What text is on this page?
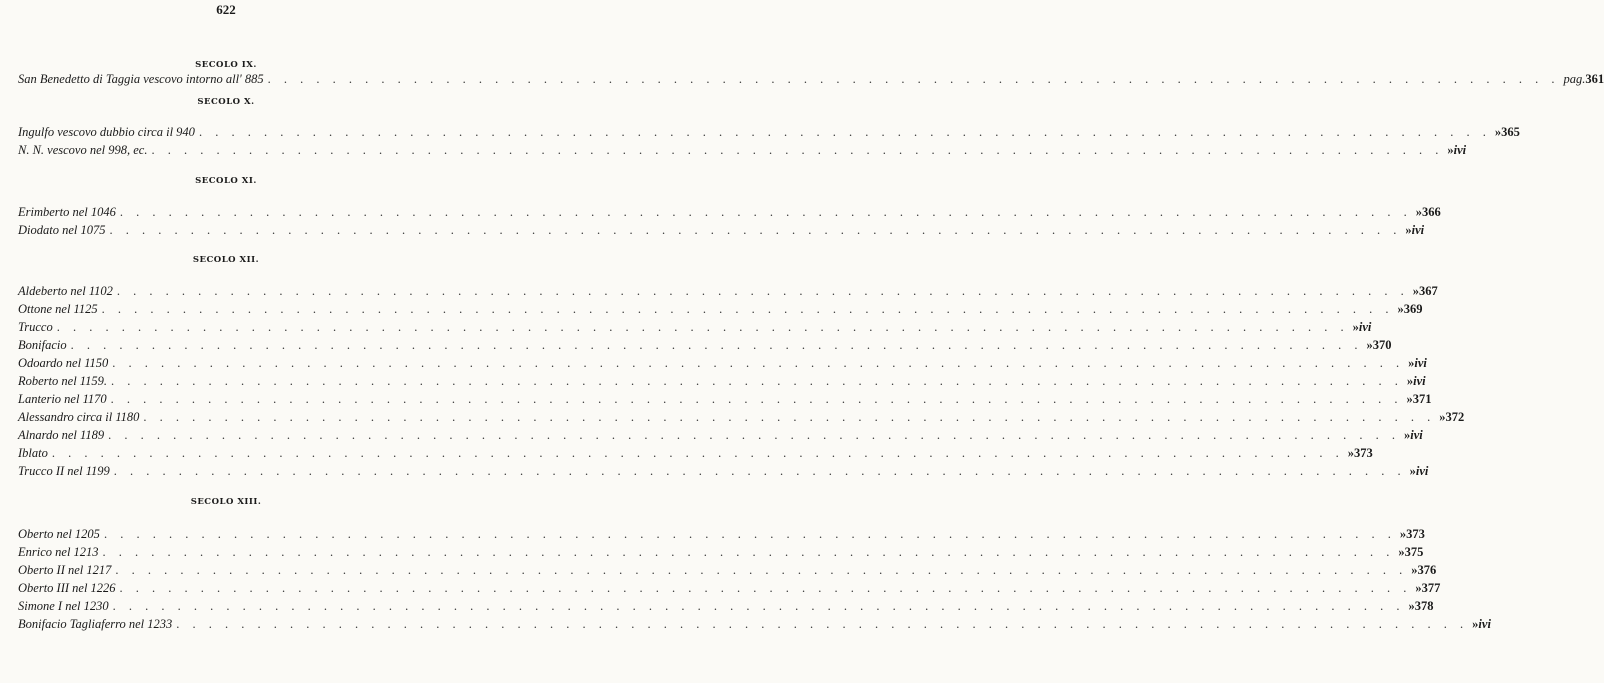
622
SECOLO IX.
San Benedetto di Taggia vescovo intorno all' 885 . . . . . . . . . . . . . . . . . . . . . . . . . . . . . . . . . . . . . . . . . . . . . . . . . . . . . . . . . . . . . . . . . . . . . . . . . . . . . . . . pag. 361
SECOLO X.
Ingulfo vescovo dubbio circa il 940 . . . . . . . . . . . . . . . . . . . . . . . . . . . . . . . . . . . . . . . . . . . . . . . . . . . . . . . . . . . . . . . . . . . . . . . . . . . . . . . . » 365
N. N. vescovo nel 998, ec. . . . . . . . . . . . . . . . . . . . . . . . . . . . . . . . . . . . . . . . . . . . . . . . . . . . . . . . . . . . . . . . . . . . . . . . . . . . . . . . . » ivi
SECOLO XI.
Erimberto nel 1046 . . . . . . . . . . . . . . . . . . . . . . . . . . . . . . . . . . . . . . . . . . . . . . . . . . . . . . . . . . . . . . . . . . . . . . . . . . . . . . . . » 366
Diodato nel 1075 . . . . . . . . . . . . . . . . . . . . . . . . . . . . . . . . . . . . . . . . . . . . . . . . . . . . . . . . . . . . . . . . . . . . . . . . . . . . . . . . » ivi
SECOLO XII.
Aldeberto nel 1102 . . . . . . . . . . . . . . . . . . . . . . . . . . . . . . . . . . . . . . . . . . . . . . . . . . . . . . . . . . . . . . . . . . . . . . . . . . . . . . . . » 367
Ottone nel 1125 . . . . . . . . . . . . . . . . . . . . . . . . . . . . . . . . . . . . . . . . . . . . . . . . . . . . . . . . . . . . . . . . . . . . . . . . . . . . . . . . » 369
Trucco . . . . . . . . . . . . . . . . . . . . . . . . . . . . . . . . . . . . . . . . . . . . . . . . . . . . . . . . . . . . . . . . . . . . . . . . . . . . . . . . » ivi
Bonifacio . . . . . . . . . . . . . . . . . . . . . . . . . . . . . . . . . . . . . . . . . . . . . . . . . . . . . . . . . . . . . . . . . . . . . . . . . . . . . . . . » 370
Odoardo nel 1150 . . . . . . . . . . . . . . . . . . . . . . . . . . . . . . . . . . . . . . . . . . . . . . . . . . . . . . . . . . . . . . . . . . . . . . . . . . . . . . . . » ivi
Roberto nel 1159. . . . . . . . . . . . . . . . . . . . . . . . . . . . . . . . . . . . . . . . . . . . . . . . . . . . . . . . . . . . . . . . . . . . . . . . . . . . . . . . . » ivi
Lanterio nel 1170 . . . . . . . . . . . . . . . . . . . . . . . . . . . . . . . . . . . . . . . . . . . . . . . . . . . . . . . . . . . . . . . . . . . . . . . . . . . . . . . . » 371
Alessandro circa il 1180 . . . . . . . . . . . . . . . . . . . . . . . . . . . . . . . . . . . . . . . . . . . . . . . . . . . . . . . . . . . . . . . . . . . . . . . . . . . . . . . . » 372
Alnardo nel 1189 . . . . . . . . . . . . . . . . . . . . . . . . . . . . . . . . . . . . . . . . . . . . . . . . . . . . . . . . . . . . . . . . . . . . . . . . . . . . . . . . » ivi
Iblato . . . . . . . . . . . . . . . . . . . . . . . . . . . . . . . . . . . . . . . . . . . . . . . . . . . . . . . . . . . . . . . . . . . . . . . . . . . . . . . . » 373
Trucco II nel 1199 . . . . . . . . . . . . . . . . . . . . . . . . . . . . . . . . . . . . . . . . . . . . . . . . . . . . . . . . . . . . . . . . . . . . . . . . . . . . . . . . » ivi
SECOLO XIII.
Oberto nel 1205 . . . . . . . . . . . . . . . . . . . . . . . . . . . . . . . . . . . . . . . . . . . . . . . . . . . . . . . . . . . . . . . . . . . . . . . . . . . . . . . . » 373
Enrico nel 1213 . . . . . . . . . . . . . . . . . . . . . . . . . . . . . . . . . . . . . . . . . . . . . . . . . . . . . . . . . . . . . . . . . . . . . . . . . . . . . . . . » 375
Oberto II nel 1217 . . . . . . . . . . . . . . . . . . . . . . . . . . . . . . . . . . . . . . . . . . . . . . . . . . . . . . . . . . . . . . . . . . . . . . . . . . . . . . . . » 376
Oberto III nel 1226 . . . . . . . . . . . . . . . . . . . . . . . . . . . . . . . . . . . . . . . . . . . . . . . . . . . . . . . . . . . . . . . . . . . . . . . . . . . . . . . . » 377
Simone I nel 1230 . . . . . . . . . . . . . . . . . . . . . . . . . . . . . . . . . . . . . . . . . . . . . . . . . . . . . . . . . . . . . . . . . . . . . . . . . . . . . . . . » 378
Bonifacio Tagliaferro nel 1233 . . . . . . . . . . . . . . . . . . . . . . . . . . . . . . . . . . . . . . . . . . . . . . . . . . . . . . . . . . . . . . . . . . . . . . . . . . . . . . . . » ivi
